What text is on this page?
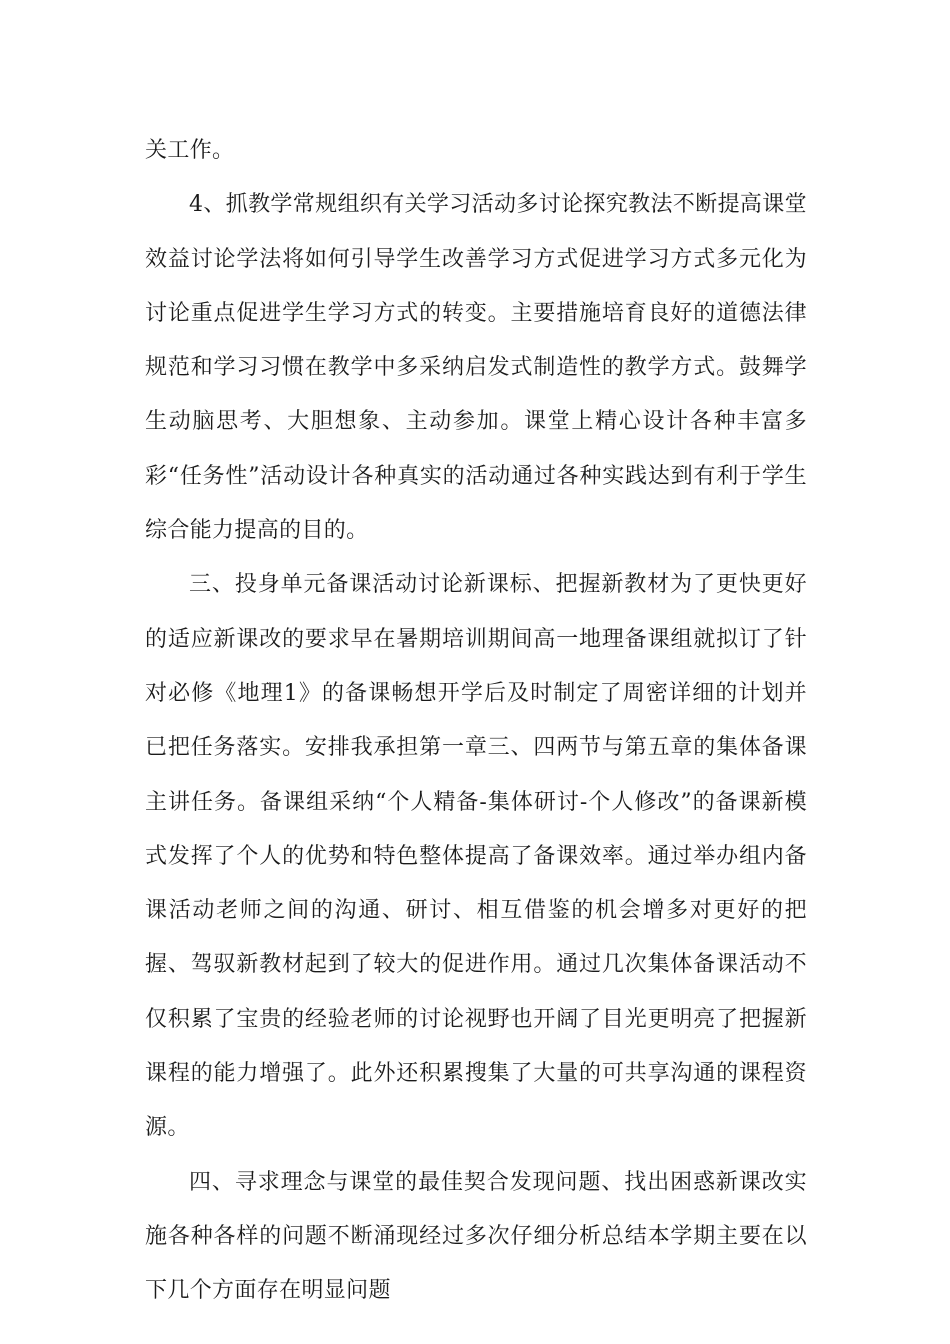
关工作。

4、抓教学常规组织有关学习活动多讨论探究教法不断提高课堂效益讨论学法将如何引导学生改善学习方式促进学习方式多元化为讨论重点促进学生学习方式的转变。主要措施培育良好的道德法律规范和学习习惯在教学中多采纳启发式制造性的教学方式。鼓舞学生动脑思考、大胆想象、主动参加。课堂上精心设计各种丰富多彩“任务性”活动设计各种真实的活动通过各种实践达到有利于学生综合能力提高的目的。

三、投身单元备课活动讨论新课标、把握新教材为了更快更好的适应新课改的要求早在暑期培训期间高一地理备课组就拟订了针对必修《地理1》的备课畅想开学后及时制定了周密详细的计划并已把任务落实。安排我承担第一章三、四两节与第五章的集体备课主讲任务。备课组采纳“个人精备-集体研讨-个人修改”的备课新模式发挥了个人的优势和特色整体提高了备课效率。通过举办组内备课活动老师之间的沟通、研讨、相互借鉴的机会增多对更好的把握、驾驭新教材起到了较大的促进作用。通过几次集体备课活动不仅积累了宝贵的经验老师的讨论视野也开阔了目光更明亮了把握新课程的能力增强了。此外还积累搜集了大量的可共享沟通的课程资源。

四、寻求理念与课堂的最佳契合发现问题、找出困惑新课改实施各种各样的问题不断涌现经过多次仔细分析总结本学期主要在以下几个方面存在明显问题
